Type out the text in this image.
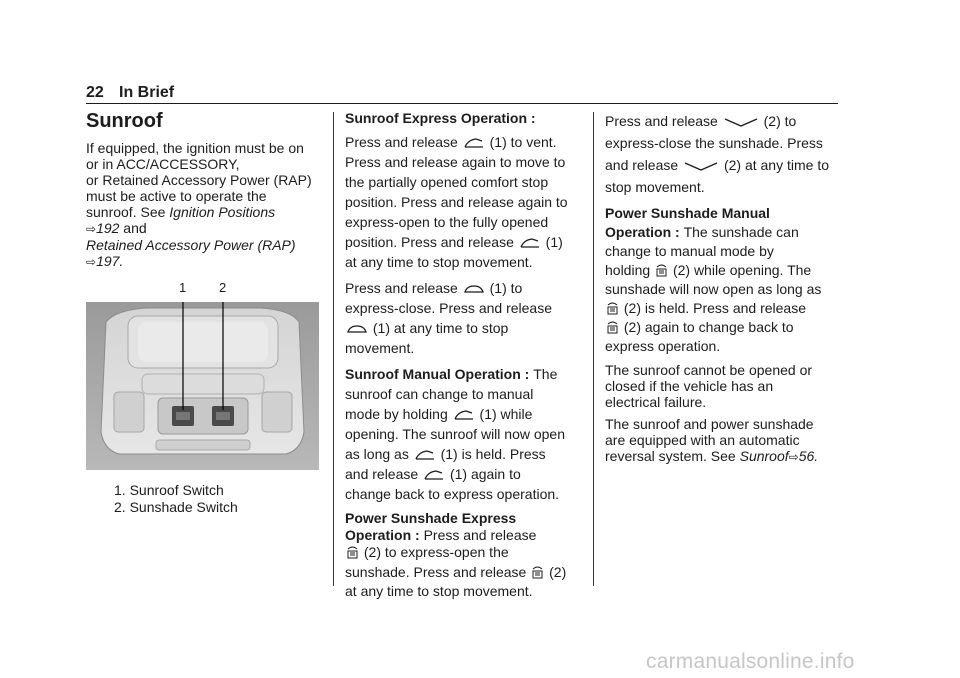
22 In Brief
Sunroof
If equipped, the ignition must be on
or in ACC/ACCESSORY,
or Retained Accessory Power (RAP)
must be active to operate the
sunroof. See Ignition Positions
⇨192 and
Retained Accessory Power (RAP)
⇨197.
1	2
1. Sunroof Switch
2. Sunshade Switch

Sunroof Express Operation :

Press and release (1) to vent.
Press and release again to move to
the partially opened comfort stop
position. Press and release again to
express-open to the fully opened
position. Press and release (1)
at any time to stop movement.

Press and release (1) to
express-close. Press and release
(1) at any time to stop
movement.

Sunroof Manual Operation : The
sunroof can change to manual
mode by holding (1) while
opening. The sunroof will now open
as long as (1) is held. Press
and release (1) again to
change back to express operation.

Power Sunshade Express
Operation : Press and release
(2) to express-open the
sunshade. Press and release (2)
at any time to stop movement.

Press and release	(2) to
express-close the sunshade. Press
and release	(2) at any time to
stop movement.

Power Sunshade Manual
Operation : The sunshade can
change to manual mode by
holding (2) while opening. The
sunshade will now open as long as
(2) is held. Press and release
(2) again to change back to
express operation.

The sunroof cannot be opened or
closed if the vehicle has an
electrical failure.

The sunroof and power sunshade
are equipped with an automatic
reversal system. See Sunroof⇨56.

carmanualsonline.info
